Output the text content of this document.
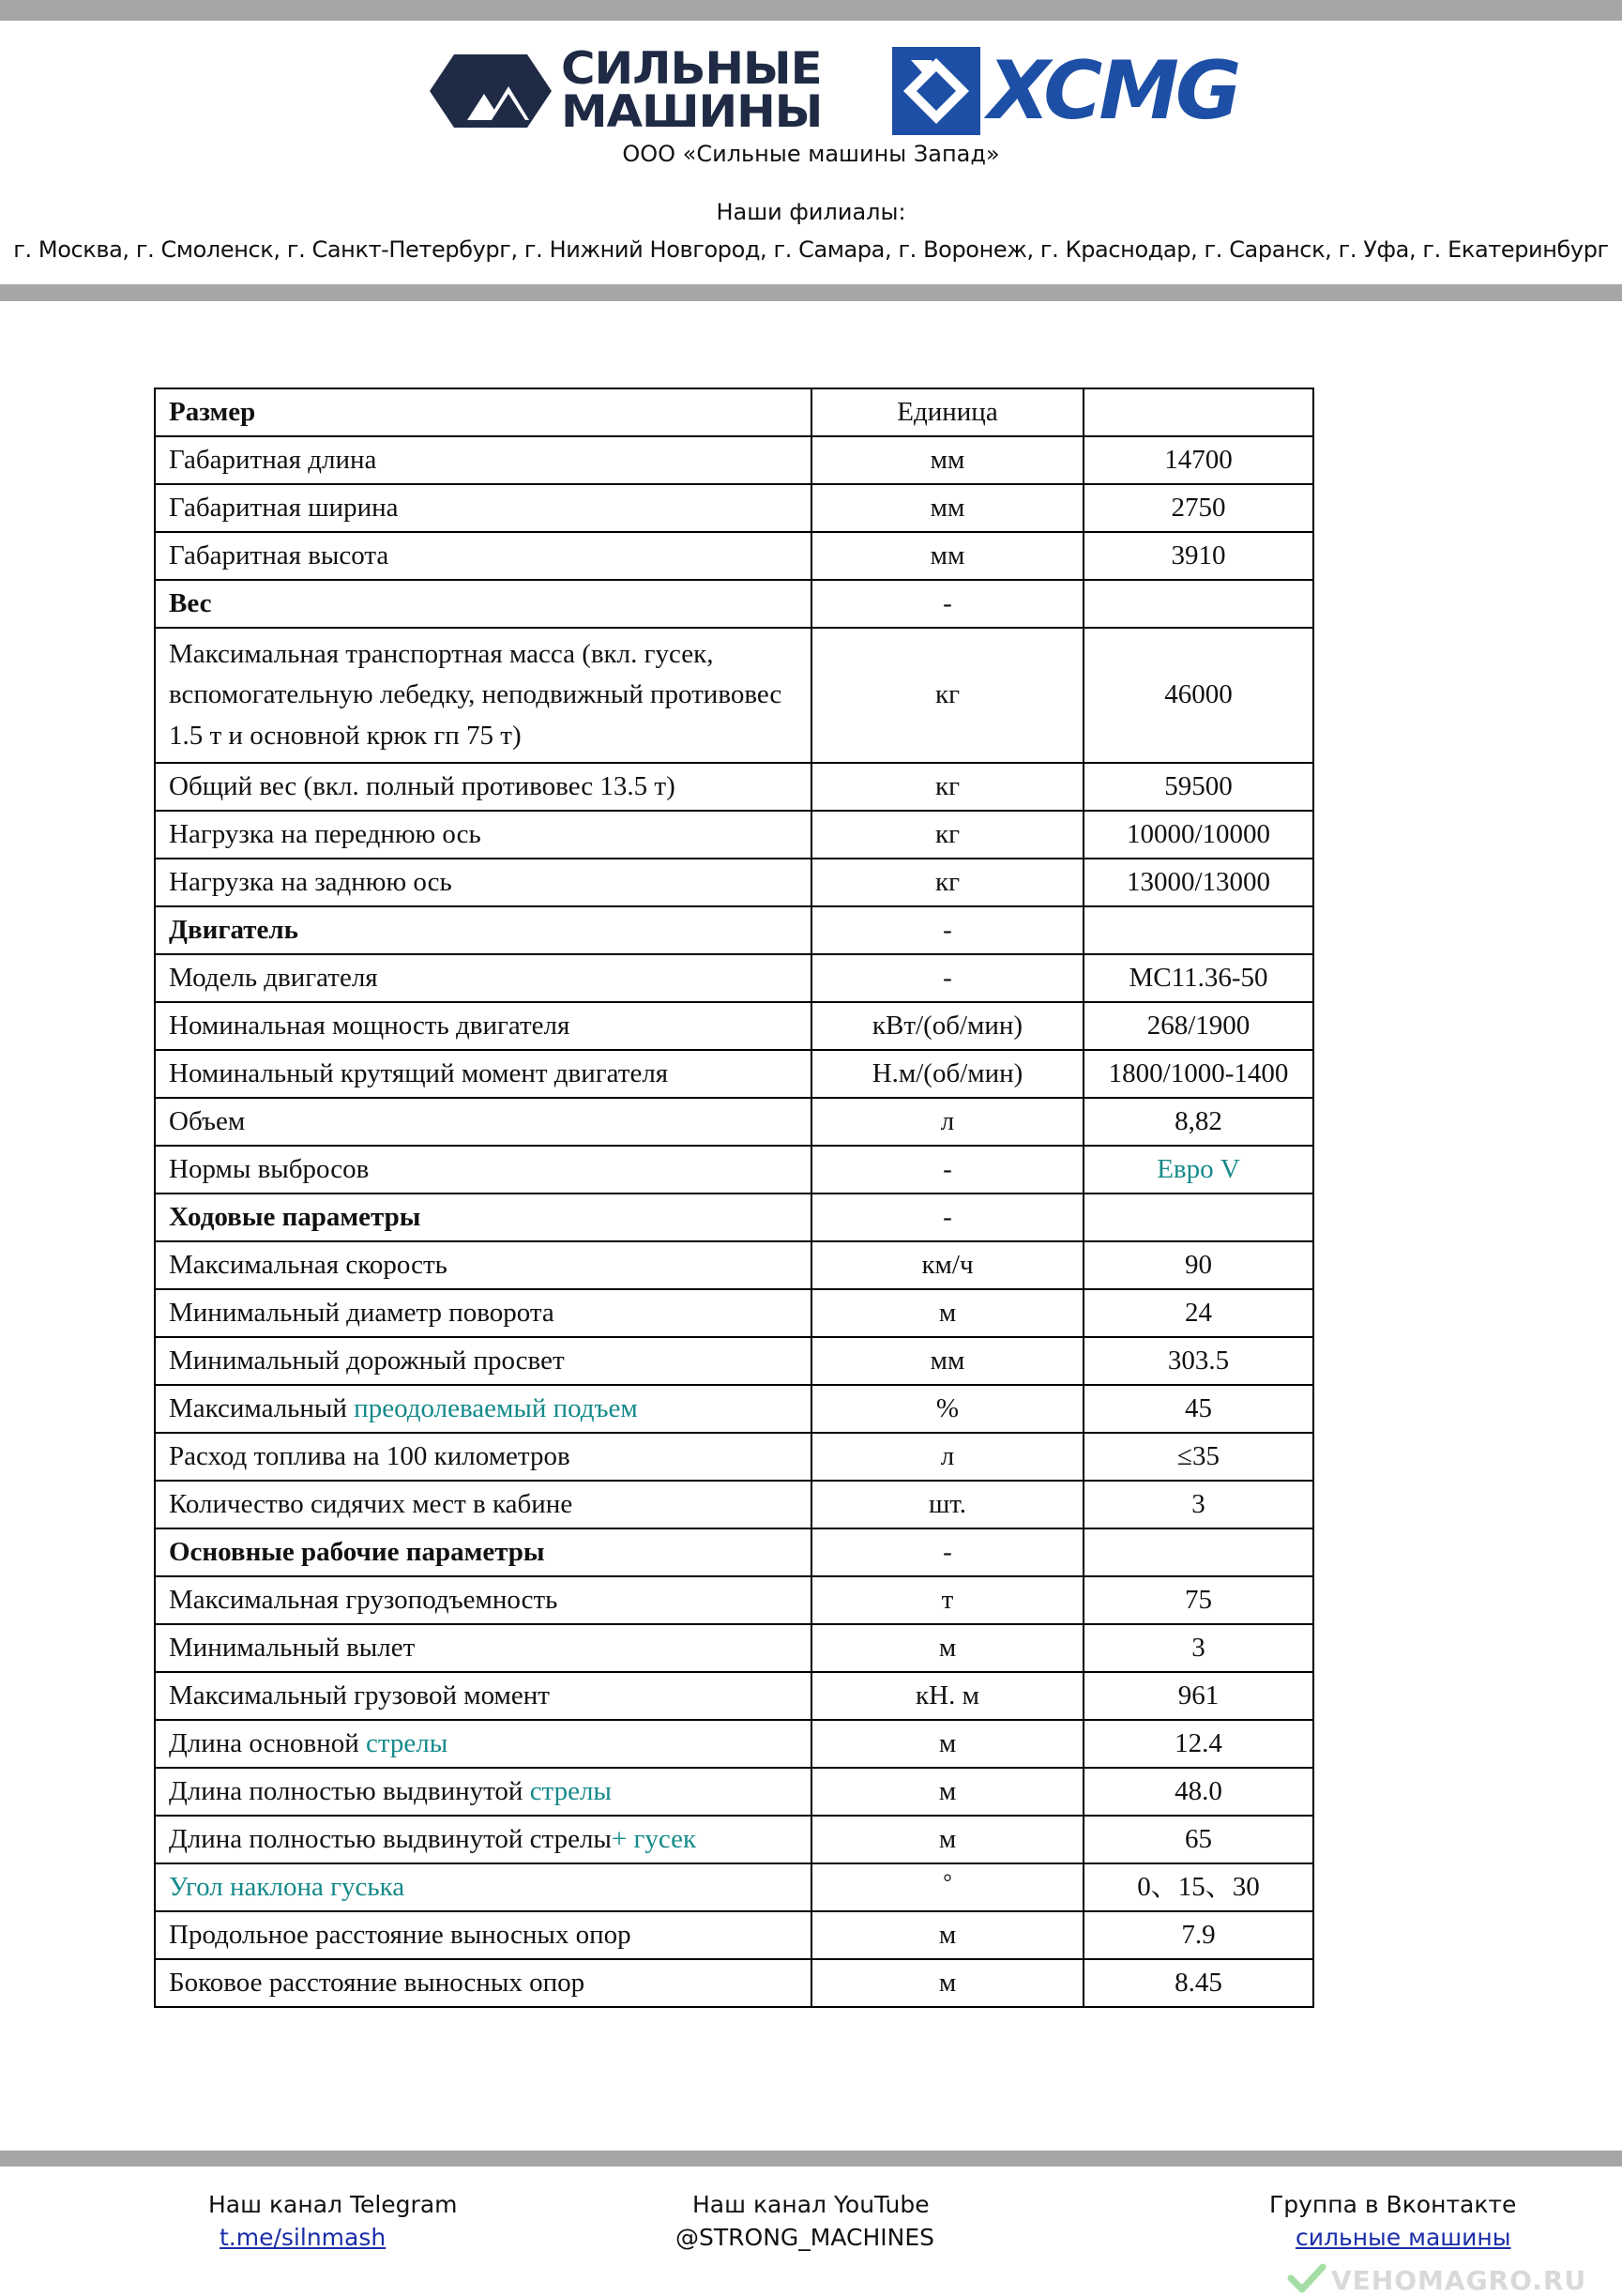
СИЛЬНЫЕ
МАШИНЫ XCMG
ООО «Сильные машины Запад»
Наши филиалы:
г. Москва, г. Смоленск, г. Санкт-Петербург, г. Нижний Новгород, г. Самара, г. Воронеж, г. Краснодар, г. Саранск, г. Уфа, г. Екатеринбург
Размер	Единица	
Габаритная длина	мм	14700
Габаритная ширина	мм	2750
Габаритная высота	мм	3910
Вес	-	
Максимальная транспортная масса (вкл. гусек, вспомогательную лебедку, неподвижный противовес 1.5 т и основной крюк гп 75 т)	кг	46000
Общий вес (вкл. полный противовес 13.5 т)	кг	59500
Нагрузка на переднюю ось	кг	10000/10000
Нагрузка на заднюю ось	кг	13000/13000
Двигатель	-	
Модель двигателя	-	MC11.36-50
Номинальная мощность двигателя	кВт/(об/мин)	268/1900
Номинальный крутящий момент двигателя	Н.м/(об/мин)	1800/1000-1400
Объем	л	8,82
Нормы выбросов	-	Евро V
Ходовые параметры	-	
Максимальная скорость	км/ч	90
Минимальный диаметр поворота	м	24
Минимальный дорожный просвет	мм	303.5
Максимальный преодолеваемый подъем	%	45
Расход топлива на 100 километров	л	≤35
Количество сидячих мест в кабине	шт.	3
Основные рабочие параметры	-	
Максимальная грузоподъемность	т	75
Минимальный вылет	м	3
Максимальный грузовой момент	кН. м	961
Длина основной стрелы	м	12.4
Длина полностью выдвинутой стрелы	м	48.0
Длина полностью выдвинутой стрелы+ гусек	м	65
Угол наклона гуська	°	0、15、30
Продольное расстояние выносных опор	м	7.9
Боковое расстояние выносных опор	м	8.45
Наш канал Telegram
t.me/silnmash
Наш канал YouTube
@STRONG_MACHINES
Группа в Вконтакте
сильные машины
VEHOMAGRO.RU
